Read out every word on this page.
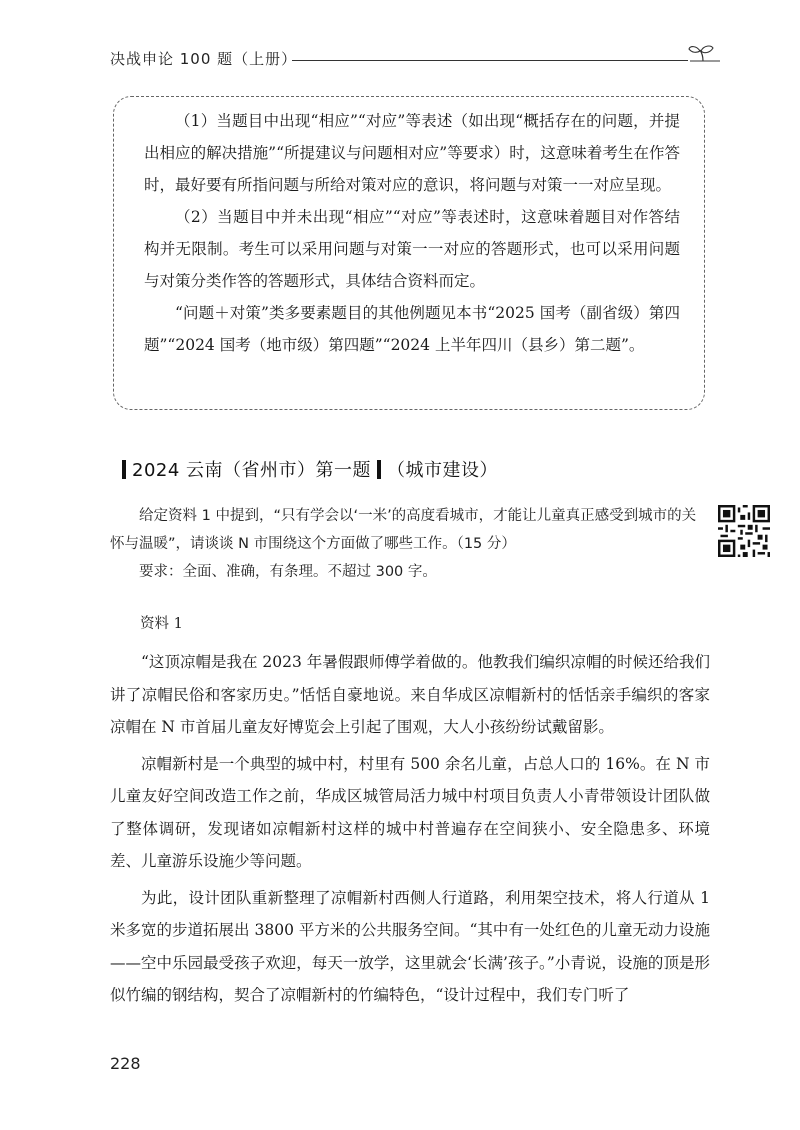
决战申论 100 题（上册）

（1）当题目中出现“相应”“对应”等表述（如出现“概括存在的问题，并提出相应的解决措施”“所提建议与问题相对应”等要求）时，这意味着考生在作答时，最好要有所指问题与所给对策对应的意识，将问题与对策一一对应呈现。

（2）当题目中并未出现“相应”“对应”等表述时，这意味着题目对作答结构并无限制。考生可以采用问题与对策一一对应的答题形式，也可以采用问题与对策分类作答的答题形式，具体结合资料而定。

“问题＋对策”类多要素题目的其他例题见本书“2025 国考（副省级）第四题”“2024 国考（地市级）第四题”“2024 上半年四川（县乡）第二题”。

2024 云南（省州市）第一题 （城市建设）

给定资料 1 中提到，“只有学会以‘一米’的高度看城市，才能让儿童真正感受到城市的关怀与温暖”，请谈谈 N 市围绕这个方面做了哪些工作。（15 分）

要求：全面、准确，有条理。不超过 300 字。

资料 1

“这顶凉帽是我在 2023 年暑假跟师傅学着做的。他教我们编织凉帽的时候还给我们讲了凉帽民俗和客家历史。”恬恬自豪地说。来自华成区凉帽新村的恬恬亲手编织的客家凉帽在 N 市首届儿童友好博览会上引起了围观，大人小孩纷纷试戴留影。

凉帽新村是一个典型的城中村，村里有 500 余名儿童，占总人口的 16%。在 N 市儿童友好空间改造工作之前，华成区城管局活力城中村项目负责人小青带领设计团队做了整体调研，发现诸如凉帽新村这样的城中村普遍存在空间狭小、安全隐患多、环境差、儿童游乐设施少等问题。

为此，设计团队重新整理了凉帽新村西侧人行道路，利用架空技术，将人行道从 1 米多宽的步道拓展出 3800 平方米的公共服务空间。“其中有一处红色的儿童无动力设施——空中乐园最受孩子欢迎，每天一放学，这里就会‘长满’孩子。”小青说，设施的顶是形似竹编的钢结构，契合了凉帽新村的竹编特色，“设计过程中，我们专门听了

228
